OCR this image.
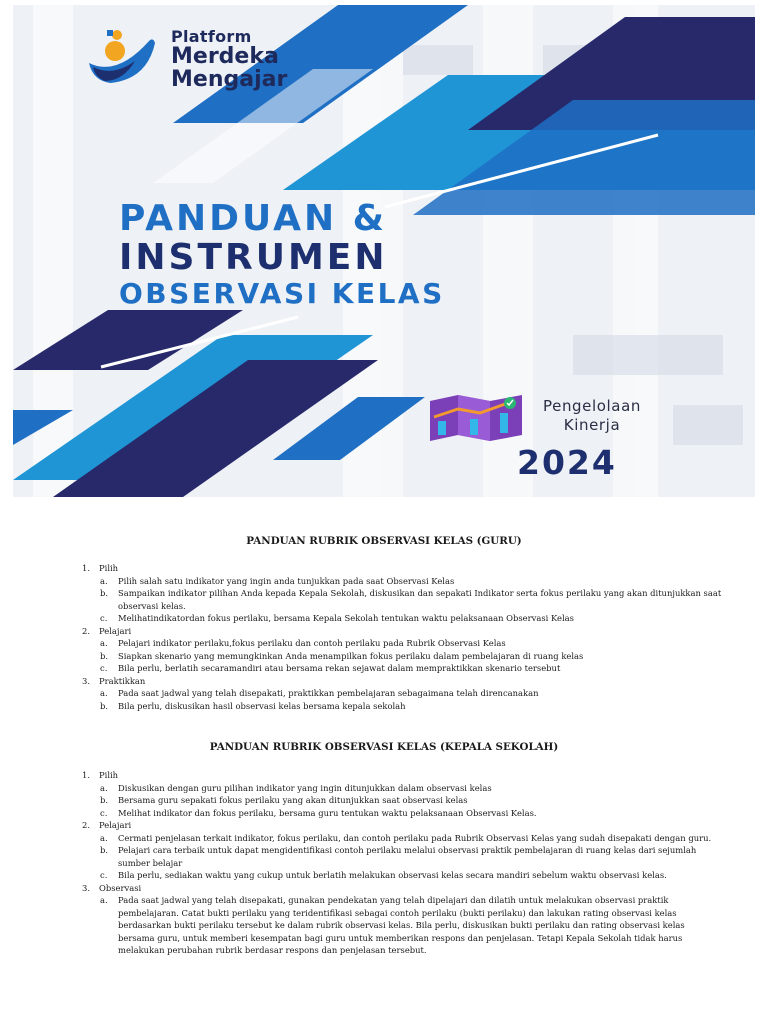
Platform
Merdeka
Mengajar
PANDUAN &
INSTRUMEN
OBSERVASI KELAS
Pengelolaan
Kinerja
2024
PANDUAN RUBRIK OBSERVASI KELAS (GURU)
1. Pilih
a. Pilih salah satu indikator yang ingin anda tunjukkan pada saat Observasi Kelas
b. Sampaikan indikator pilihan Anda kepada Kepala Sekolah, diskusikan dan sepakati Indikator serta fokus perilaku yang akan ditunjukkan saat observasi kelas.
c. Melihatindikatordan fokus perilaku, bersama Kepala Sekolah tentukan waktu pelaksanaan Observasi Kelas
2. Pelajari
a. Pelajari indikator perilaku,fokus perilaku dan contoh perilaku pada Rubrik Observasi Kelas
b. Siapkan skenario yang memungkinkan Anda menampilkan fokus perilaku dalam pembelajaran di ruang kelas
c. Bila perlu, berlatih secaramandiri atau bersama rekan sejawat dalam mempraktikkan skenario tersebut
3. Praktikkan
a. Pada saat jadwal yang telah disepakati, praktikkan pembelajaran sebagaimana telah direncanakan
b. Bila perlu, diskusikan hasil observasi kelas bersama kepala sekolah
PANDUAN RUBRIK OBSERVASI KELAS (KEPALA SEKOLAH)
1. Pilih
a. Diskusikan dengan guru pilihan indikator yang ingin ditunjukkan dalam observasi kelas
b. Bersama guru sepakati fokus perilaku yang akan ditunjukkan saat observasi kelas
c. Melihat indikator dan fokus perilaku, bersama guru tentukan waktu pelaksanaan Observasi Kelas.
2. Pelajari
a. Cermati penjelasan terkait indikator, fokus perilaku, dan contoh perilaku pada Rubrik Observasi Kelas yang sudah disepakati dengan guru.
b. Pelajari cara terbaik untuk dapat mengidentifikasi contoh perilaku melalui observasi praktik pembelajaran di ruang kelas dari sejumlah sumber belajar
c. Bila perlu, sediakan waktu yang cukup untuk berlatih melakukan observasi kelas secara mandiri sebelum waktu observasi kelas.
3. Observasi
a. Pada saat jadwal yang telah disepakati, gunakan pendekatan yang telah dipelajari dan dilatih untuk melakukan observasi praktik pembelajaran. Catat bukti perilaku yang teridentifikasi sebagai contoh perilaku (bukti perilaku) dan lakukan rating observasi kelas berdasarkan bukti perilaku tersebut ke dalam rubrik observasi kelas. Bila perlu, diskusikan bukti perilaku dan rating observasi kelas bersama guru, untuk memberi kesempatan bagi guru untuk memberikan respons dan penjelasan. Tetapi Kepala Sekolah tidak harus melakukan perubahan rubrik berdasar respons dan penjelasan tersebut.
